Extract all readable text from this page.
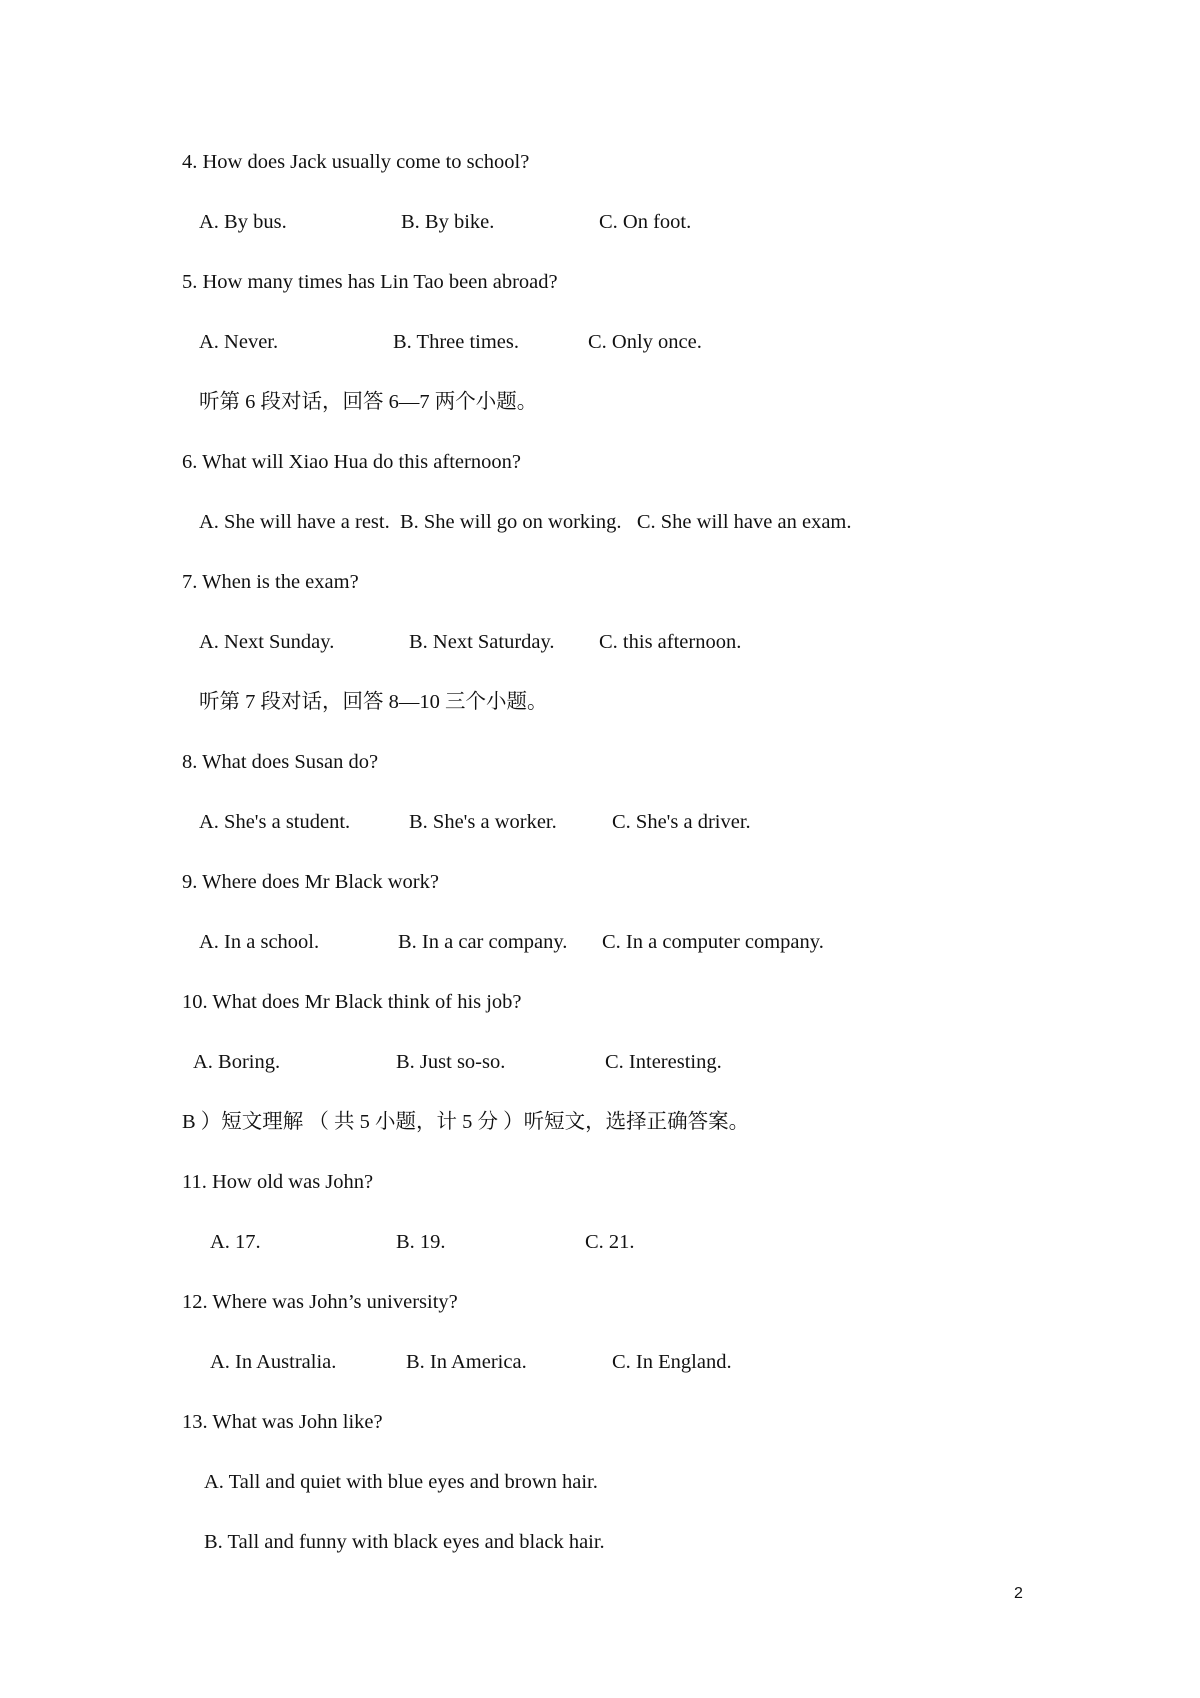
4. How does Jack usually come to school?
A. By bus.	B. By bike.	C. On foot.
5. How many times has Lin Tao been abroad?
A. Never.	B. Three times.	C. Only once.
听第 6 段对话，回答 6—7 两个小题。
6. What will Xiao Hua do this afternoon?
A. She will have a rest.  B. She will go on working.   C. She will have an exam.
7. When is the exam?
A. Next Sunday.	B. Next Saturday. C. this afternoon.
听第 7 段对话，回答 8—10 三个小题。
8. What does Susan do?
A. She's a student.	B. She's a worker.	C. She's a driver.
9. Where does Mr Black work?
A. In a school.	B. In a car company. C. In a computer company.
10. What does Mr Black think of his job?
A. Boring.	B. Just so-so.	C. Interesting.
B ）短文理解 （ 共 5 小题，计 5 分 ）听短文，选择正确答案。
11. How old was John?
A. 17.	B. 19.	C. 21.
12. Where was John’s university?
A. In Australia.	B. In America.	C. In England.
13. What was John like?
A. Tall and quiet with blue eyes and brown hair.
B. Tall and funny with black eyes and black hair.
2
